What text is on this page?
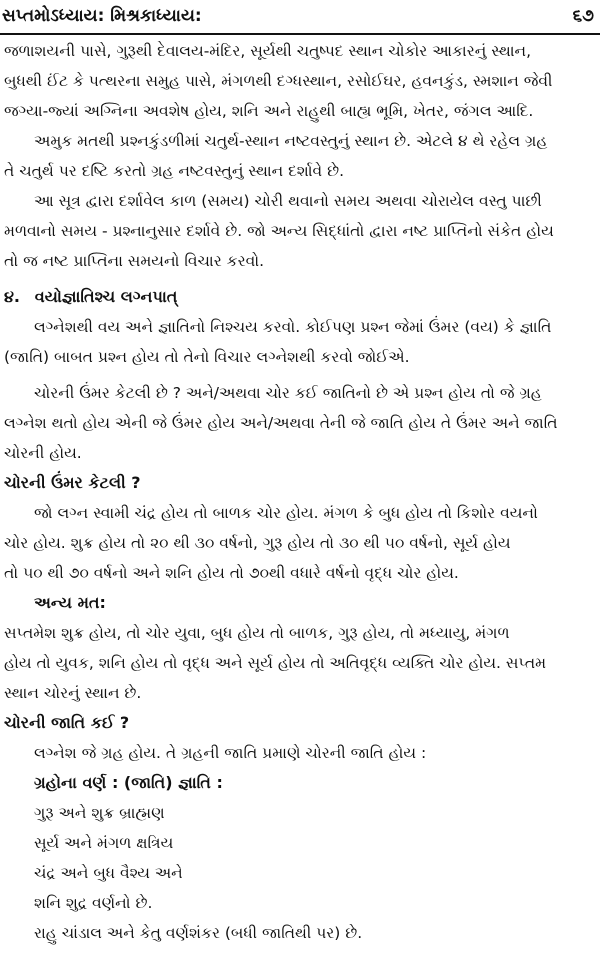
સપ્તમોઽધ્યાય: મિશ્રકાધ્યાય:	૬૭

જળાશયની પાસે, ગુરૂથી દેવાલય-મંદિર, સૂર્યથી ચતુષ્પદ સ્થાન ચોકોર આકારનું સ્થાન,

બુધથી ઈંટ કે પત્થરના સમુહ પાસે, મંગળથી દગ્ધસ્થાન, રસોઈઘર, હવનકુંડ, સ્મશાન જેવી

જગ્યા-જ્યાં અગ્નિના અવશેષ હોય, શનિ અને રાહુથી બાહ્ય ભૂમિ, ખેતર, જંગલ આદિ.

અમુક મતથી પ્રશ્નકુંડળીમાં ચતુર્થ-સ્થાન નષ્ટવસ્તુનું સ્થાન છે. એટલે ૪ થે રહેલ ગ્રહ

તે ચતુર્થ પર દષ્ટિ કરતો ગ્રહ નષ્ટવસ્તુનું સ્થાન દર્શાવે છે.

આ સૂત્ર દ્વારા દર્શાવેલ કાળ (સમય) ચોરી થવાનો સમય અથવા ચોરાયેલ વસ્તુ પાછી

મળવાનો સમય - પ્રશ્નાનુસાર દર્શાવે છે. જો અન્ય સિદ્ધાંતો દ્વારા નષ્ટ પ્રાપ્તિનો સંકેત હોય

તો જ નષ્ટ પ્રાપ્તિના સમયનો વિચાર કરવો.

૪. વયોજ્ઞાતિશ્ચ લગ્નપાત્

લગ્નેશથી વય અને જ્ઞાતિનો નિશ્ચય કરવો. કોઈપણ પ્રશ્ન જેમાં ઉંમર (વય) કે જ્ઞાતિ

(જાતિ) બાબત પ્રશ્ન હોય તો તેનો વિચાર લગ્નેશથી કરવો જોઈએ.

ચોરની ઉંમર કેટલી છે ? અને/અથવા ચોર કઈ જાતિનો છે એ પ્રશ્ન હોય તો જે ગ્રહ

લગ્નેશ થતો હોય એની જે ઉંમર હોય અને/અથવા તેની જે જાતિ હોય તે ઉંમર અને જાતિ

ચોરની હોય.

ચોરની ઉંમર કેટલી ?

જો લગ્ન સ્વામી ચંદ્ર હોય તો બાળક ચોર હોય. મંગળ કે બુધ હોય તો કિશોર વયનો

ચોર હોય. શુક્ર હોય તો ૨૦ થી ૩૦ વર્ષનો, ગુરૂ હોય તો ૩૦ થી ૫૦ વર્ષનો, સૂર્ય હોય

તો ૫૦ થી ૭૦ વર્ષનો અને શનિ હોય તો ૭૦થી વધારે વર્ષનો વૃદ્ધ ચોર હોય.

અન્ય મત:

સપ્તમેશ શુક્ર હોય, તો ચોર યુવા, બુધ હોય તો બાળક, ગુરૂ હોય, તો મધ્યાયુ, મંગળ

હોય તો યુવક, શનિ હોય તો વૃદ્ધ અને સૂર્ય હોય તો અતિવૃદ્ધ વ્યક્તિ ચોર હોય. સપ્તમ

સ્થાન ચોરનું સ્થાન છે.

ચોરની જાતિ કઈ ?

લગ્નેશ જે ગ્રહ હોય. તે ગ્રહની જાતિ પ્રમાણે ચોરની જાતિ હોય :

ગ્રહોના વર્ણ : (જાતિ) જ્ઞાતિ :

ગુરૂ અને શુક્ર બ્રાહ્મણ

સૂર્ય અને મંગળ ક્ષત્રિય

ચંદ્ર અને બુધ વૈશ્ય અને

શનિ શુદ્ર વર્ણનો છે.

રાહુ ચાંડાલ અને કેતુ વર્ણશંકર (બધી જાતિથી પર) છે.
